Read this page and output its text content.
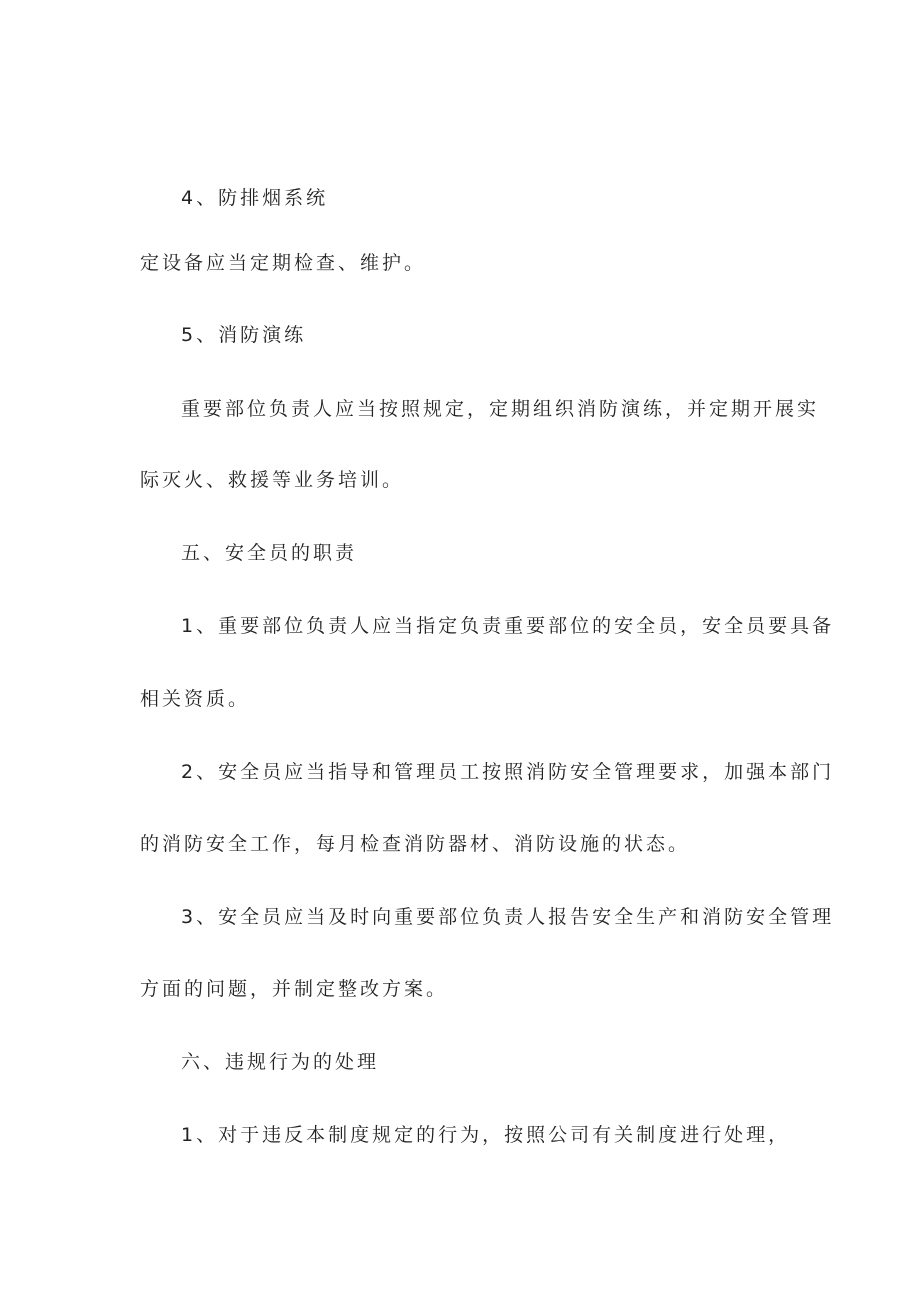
4、防排烟系统
定设备应当定期检查、维护。
5、消防演练
重要部位负责人应当按照规定，定期组织消防演练，并定期开展实
际灭火、救援等业务培训。
五、安全员的职责
1、重要部位负责人应当指定负责重要部位的安全员，安全员要具备
相关资质。
2、安全员应当指导和管理员工按照消防安全管理要求，加强本部门
的消防安全工作，每月检查消防器材、消防设施的状态。
3、安全员应当及时向重要部位负责人报告安全生产和消防安全管理
方面的问题，并制定整改方案。
六、违规行为的处理
1、对于违反本制度规定的行为，按照公司有关制度进行处理，
